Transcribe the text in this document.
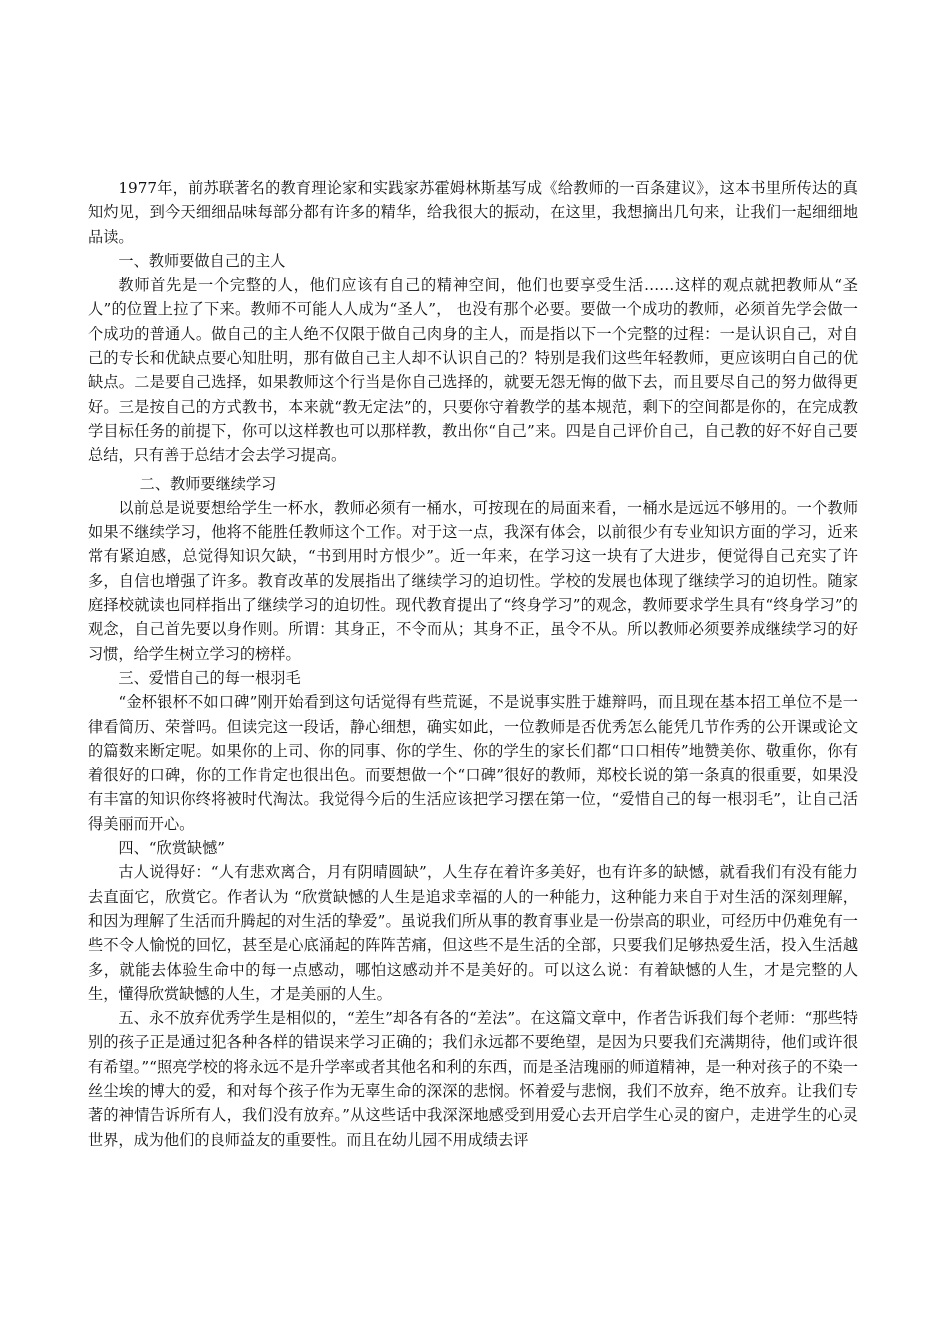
1977年，前苏联著名的教育理论家和实践家苏霍姆林斯基写成《给教师的一百条建议》，这本书里所传达的真知灼见，到今天细细品味每部分都有许多的精华，给我很大的振动，在这里，我想摘出几句来，让我们一起细细地品读。

一、教师要做自己的主人

教师首先是一个完整的人，他们应该有自己的精神空间，他们也要享受生活……这样的观点就把教师从“圣人”的位置上拉了下来。教师不可能人人成为“圣人”， 也没有那个必要。要做一个成功的教师，必须首先学会做一个成功的普通人。做自己的主人绝不仅限于做自己肉身的主人，而是指以下一个完整的过程：一是认识自己，对自己的专长和优缺点要心知肚明，那有做自己主人却不认识自己的？特别是我们这些年轻教师，更应该明白自己的优缺点。二是要自己选择，如果教师这个行当是你自己选择的，就要无怨无悔的做下去，而且要尽自己的努力做得更好。三是按自己的方式教书，本来就“教无定法”的，只要你守着教学的基本规范，剩下的空间都是你的，在完成教学目标任务的前提下，你可以这样教也可以那样教，教出你“自己”来。四是自己评价自己，自己教的好不好自己要总结，只有善于总结才会去学习提高。

二、教师要继续学习

以前总是说要想给学生一杯水，教师必须有一桶水，可按现在的局面来看，一桶水是远远不够用的。一个教师如果不继续学习，他将不能胜任教师这个工作。对于这一点，我深有体会，以前很少有专业知识方面的学习，近来常有紧迫感，总觉得知识欠缺，“书到用时方恨少”。近一年来，在学习这一块有了大进步，便觉得自己充实了许多，自信也增强了许多。教育改革的发展指出了继续学习的迫切性。学校的发展也体现了继续学习的迫切性。随家庭择校就读也同样指出了继续学习的迫切性。现代教育提出了“终身学习”的观念，教师要求学生具有“终身学习”的观念，自己首先要以身作则。所谓：其身正，不令而从；其身不正，虽令不从。所以教师必须要养成继续学习的好习惯，给学生树立学习的榜样。

三、爱惜自己的每一根羽毛

“金杯银杯不如口碑”刚开始看到这句话觉得有些荒诞，不是说事实胜于雄辩吗，而且现在基本招工单位不是一律看简历、荣誉吗。但读完这一段话，静心细想，确实如此，一位教师是否优秀怎么能凭几节作秀的公开课或论文的篇数来断定呢。如果你的上司、你的同事、你的学生、你的学生的家长们都“口口相传”地赞美你、敬重你，你有着很好的口碑，你的工作肯定也很出色。而要想做一个“口碑”很好的教师，郑校长说的第一条真的很重要，如果没有丰富的知识你终将被时代淘汰。我觉得今后的生活应该把学习摆在第一位，“爱惜自己的每一根羽毛”，让自己活得美丽而开心。

四、“欣赏缺憾”

古人说得好：“人有悲欢离合，月有阴晴圆缺”，人生存在着许多美好，也有许多的缺憾，就看我们有没有能力去直面它，欣赏它。作者认为 “欣赏缺憾的人生是追求幸福的人的一种能力，这种能力来自于对生活的深刻理解，和因为理解了生活而升腾起的对生活的挚爱”。虽说我们所从事的教育事业是一份崇高的职业，可经历中仍难免有一些不令人愉悦的回忆，甚至是心底涌起的阵阵苦痛，但这些不是生活的全部，只要我们足够热爱生活，投入生活越多，就能去体验生命中的每一点感动，哪怕这感动并不是美好的。可以这么说：有着缺憾的人生，才是完整的人生，懂得欣赏缺憾的人生，才是美丽的人生。

五、永不放弃优秀学生是相似的，“差生”却各有各的“差法”。在这篇文章中，作者告诉我们每个老师：“那些特别的孩子正是通过犯各种各样的错误来学习正确的；我们永远都不要绝望，是因为只要我们充满期待，他们或许很有希望。”“照亮学校的将永远不是升学率或者其他名和利的东西，而是圣洁瑰丽的师道精神，是一种对孩子的不染一丝尘埃的博大的爱，和对每个孩子作为无辜生命的深深的悲悯。怀着爱与悲悯，我们不放弃，绝不放弃。让我们专著的神情告诉所有人，我们没有放弃。”从这些话中我深深地感受到用爱心去开启学生心灵的窗户，走进学生的心灵世界，成为他们的良师益友的重要性。而且在幼儿园不用成绩去评
